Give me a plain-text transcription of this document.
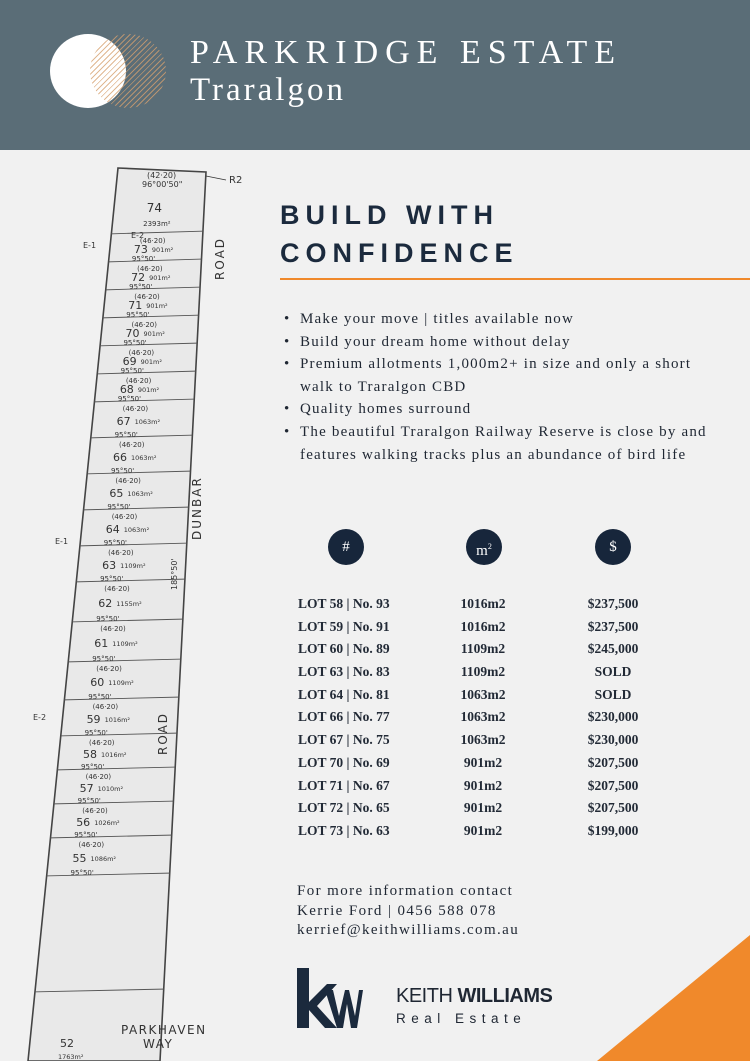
PARKRIDGE ESTATE
Traralgon
74
2393m²
(42·20)
96°00'50"
73 901m²
(46·20)
95°50'
72 901m²
(46·20)
95°50'
71 901m²
(46·20)
95°50'
70 901m²
(46·20)
95°50'
69 901m²
(46·20)
95°50'
68 901m²
(46·20)
95°50'
67 1063m²
(46·20)
95°50'
66 1063m²
(46·20)
95°50'
65 1063m²
(46·20)
95°50'
64 1063m²
(46·20)
95°50'
63 1109m²
(46·20)
95°50'
62 1155m²
(46·20)
95°50'
61 1109m²
(46·20)
95°50'
60 1109m²
(46·20)
95°50'
59 1016m²
(46·20)
95°50'
58 1016m²
(46·20)
95°50'
57 1010m²
(46·20)
95°50'
56 1026m²
(46·20)
95°50'
55 1086m²
(46·20)
95°50'
52
1763m²
R2
ROAD
DUNBAR
185°50'
ROAD
E-1
E-2
E-1
E-2
PARKHAVEN
WAY
BUILD WITH
CONFIDENCE
• Make your move | titles available now
• Build your dream home without delay
• Premium allotments 1,000m2+ in size and only a short walk to Traralgon CBD
• Quality homes surround
• The beautiful Traralgon Railway Reserve is close by and features walking tracks plus an abundance of bird life
#	$m^2$	$
LOT 58 | No. 93	1016m2	$237,500
LOT 59 | No. 91	1016m2	$237,500
LOT 60 | No. 89	1109m2	$245,000
LOT 63 | No. 83	1109m2	SOLD
LOT 64 | No. 81	1063m2	SOLD
LOT 66 | No. 77	1063m2	$230,000
LOT 67 | No. 75	1063m2	$230,000
LOT 70 | No. 69	901m2	$207,500
LOT 71 | No. 67	901m2	$207,500
LOT 72 | No. 65	901m2	$207,500
LOT 73 | No. 63	901m2	$199,000
For more information contact
Kerrie Ford | 0456 588 078
kerrief@keithwilliams.com.au
KEITH WILLIAMS
Real Estate
